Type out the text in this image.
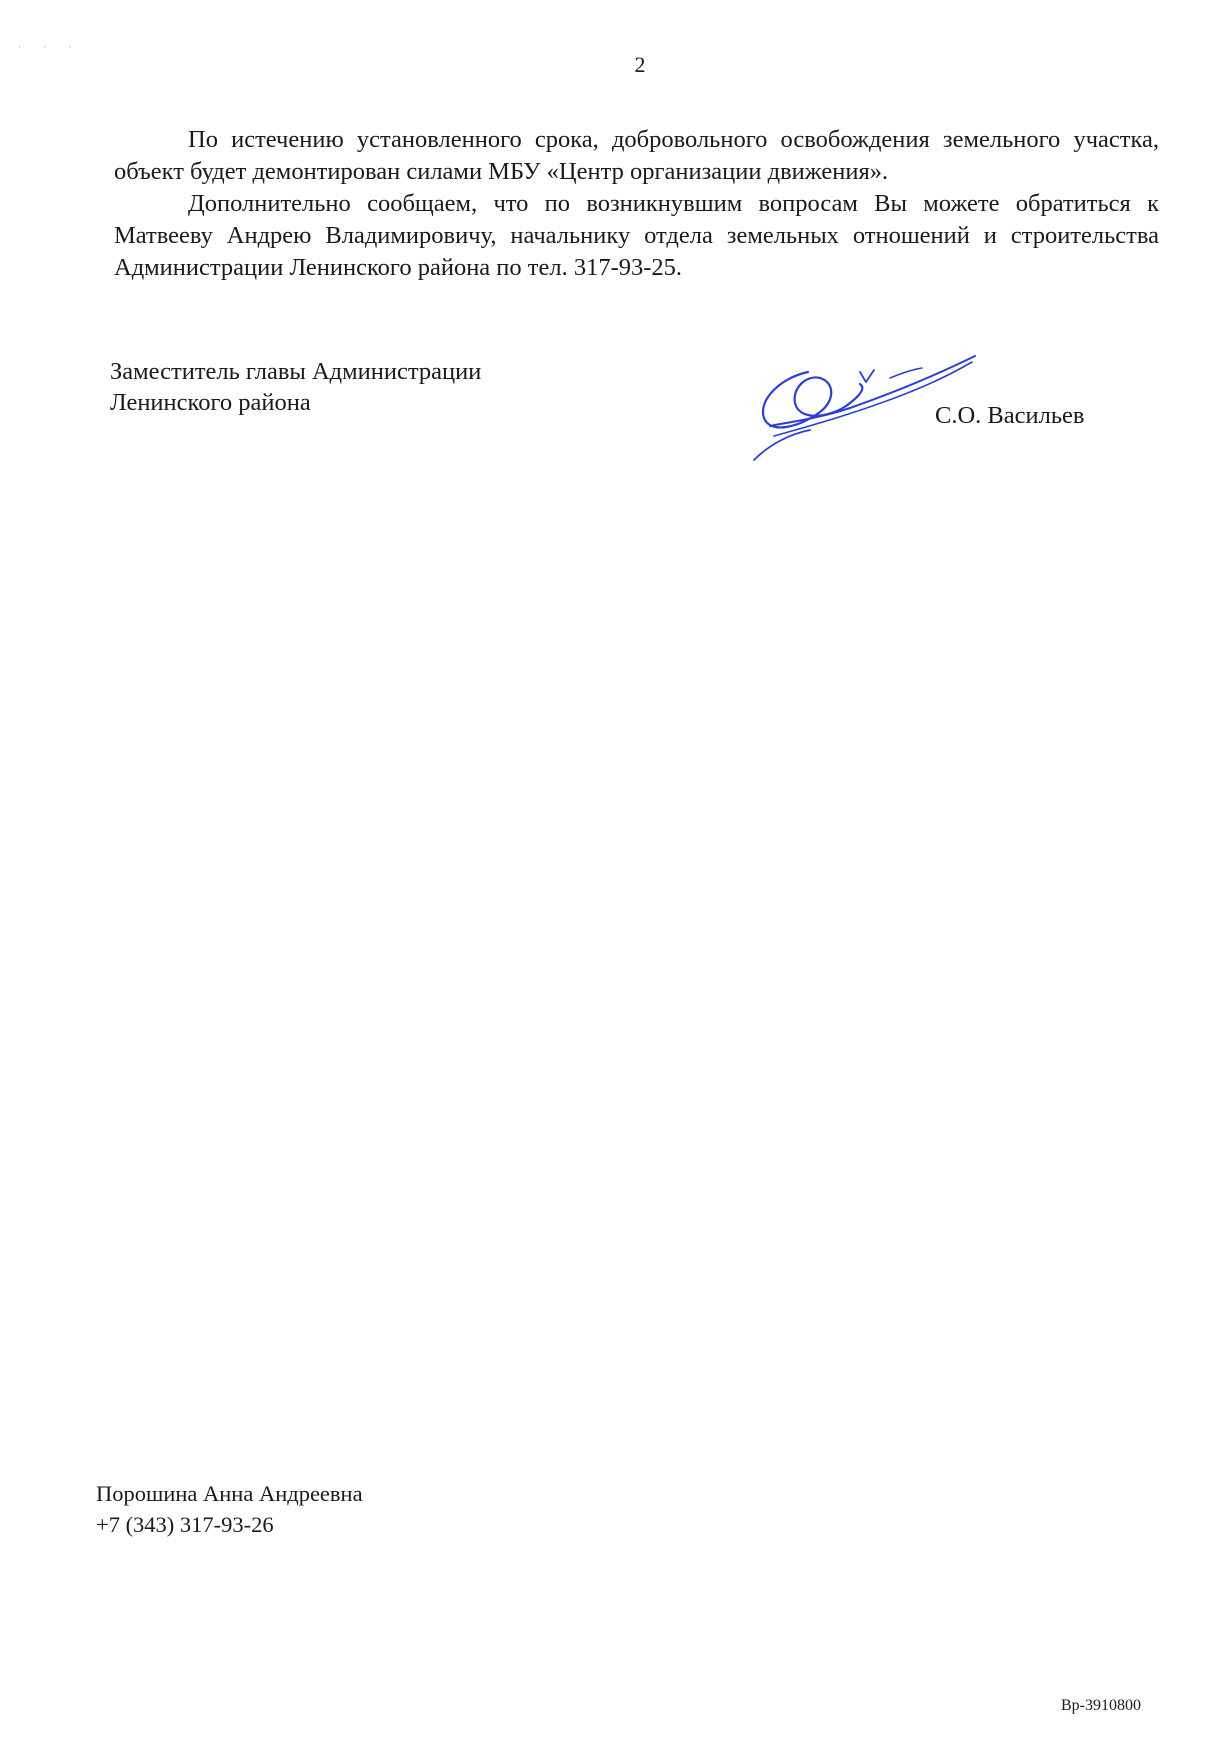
· · ·
2

По истечению установленного срока, добровольного освобождения земельного участка, объект будет демонтирован силами МБУ «Центр организации движения».

Дополнительно сообщаем, что по возникнувшим вопросам Вы можете обратиться к Матвееву Андрею Владимировичу, начальнику отдела земельных отношений и строительства Администрации Ленинского района по тел. 317-93-25.

Заместитель главы Администрации
Ленинского района	С.О. Васильев
Порошина Анна Андреевна
+7 (343) 317-93-26
Вр-3910800
